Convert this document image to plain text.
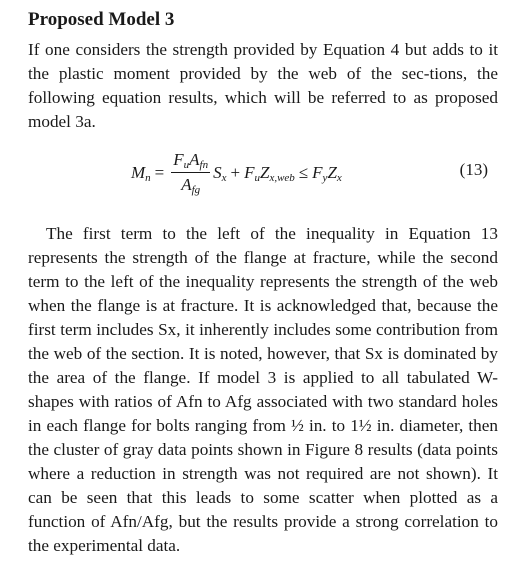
Proposed Model 3

If one considers the strength provided by Equation 4 but adds to it the plastic moment provided by the web of the sec-tions, the following equation results, which will be referred to as proposed model 3a.

$M_n = \frac{F_uA_{fn}}{A_{fg}} S_x + F_uZ_{x,web} \le F_yZ_x$	(13)

The first term to the left of the inequality in Equation 13 represents the strength of the flange at fracture, while the second term to the left of the inequality represents the strength of the web when the flange is at fracture. It is acknowledged that, because the first term includes Sx, it inherently includes some contribution from the web of the section. It is noted, however, that Sx is dominated by the area of the flange. If model 3 is applied to all tabulated W-shapes with ratios of Afn to Afg associated with two standard holes in each flange for bolts ranging from ½ in. to 1½ in. diameter, then the cluster of gray data points shown in Figure 8 results (data points where a reduction in strength was not required are not shown). It can be seen that this leads to some scatter when plotted as a function of Afn/Afg, but the results provide a strong correlation to the experimental data.
